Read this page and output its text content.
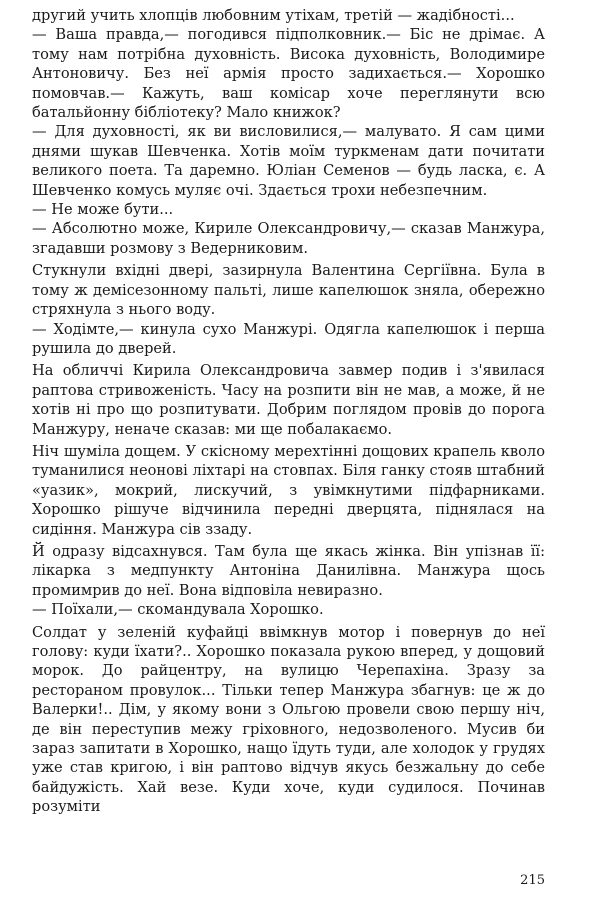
другий учить хлопців любовним утіхам, третій — жадібності...

— Ваша правда,— погодився підполковник.— Біс не дрімає. А тому нам потрібна духовність. Висока духовність, Володимире Антоновичу. Без неї армія просто задихається.— Хорошко помовчав.— Кажуть, ваш комісар хоче переглянути всю батальйонну бібліотеку? Мало книжок?

— Для духовності, як ви висловилися,— малувато. Я сам цими днями шукав Шевченка. Хотів моїм туркменам дати почитати великого поета. Та даремно. Юліан Семенов — будь ласка, є. А Шевченко комусь муляє очі. Здається трохи небезпечним.

— Не може бути...

— Абсолютно може, Кириле Олександровичу,— сказав Манжура, згадавши розмову з Ведерниковим.

Стукнули вхідні двері, зазирнула Валентина Сергіївна. Була в тому ж демісезонному пальті, лише капелюшок зняла, обережно стряхнула з нього воду.

— Ходімте,— кинула сухо Манжурі. Одягла капелюшок і перша рушила до дверей.

На обличчі Кирила Олександровича завмер подив і з'явилася раптова стривоженість. Часу на розпити він не мав, а може, й не хотів ні про що розпитувати. Добрим поглядом провів до порога Манжуру, неначе сказав: ми ще побалакаємо.

Ніч шуміла дощем. У скісному мерехтінні дощових крапель кволо туманилися неонові ліхтарі на стовпах. Біля ганку стояв штабний «уазик», мокрий, лискучий, з увімкнутими підфарниками. Хорошко рішуче відчинила передні дверцята, піднялася на сидіння. Манжура сів ззаду.

Й одразу відсахнувся. Там була ще якась жінка. Він упізнав її: лікарка з медпункту Антоніна Данилівна. Манжура щось промимрив до неї. Вона відповіла невиразно.

— Поїхали,— скомандувала Хорошко.

Солдат у зеленій куфайці ввімкнув мотор і повернув до неї голову: куди їхати?.. Хорошко показала рукою вперед, у дощовий морок. До райцентру, на вулицю Черепахіна. Зразу за рестораном провулок... Тільки тепер Манжура збагнув: це ж до Валерки!.. Дім, у якому вони з Ольгою провели свою першу ніч, де він переступив межу гріховного, недозволеного. Мусив би зараз запитати в Хорошко, нащо їдуть туди, але холодок у грудях уже став кригою, і він раптово відчув якусь безжальну до себе байдужість. Хай везе. Куди хоче, куди судилося. Починав розуміти

215
